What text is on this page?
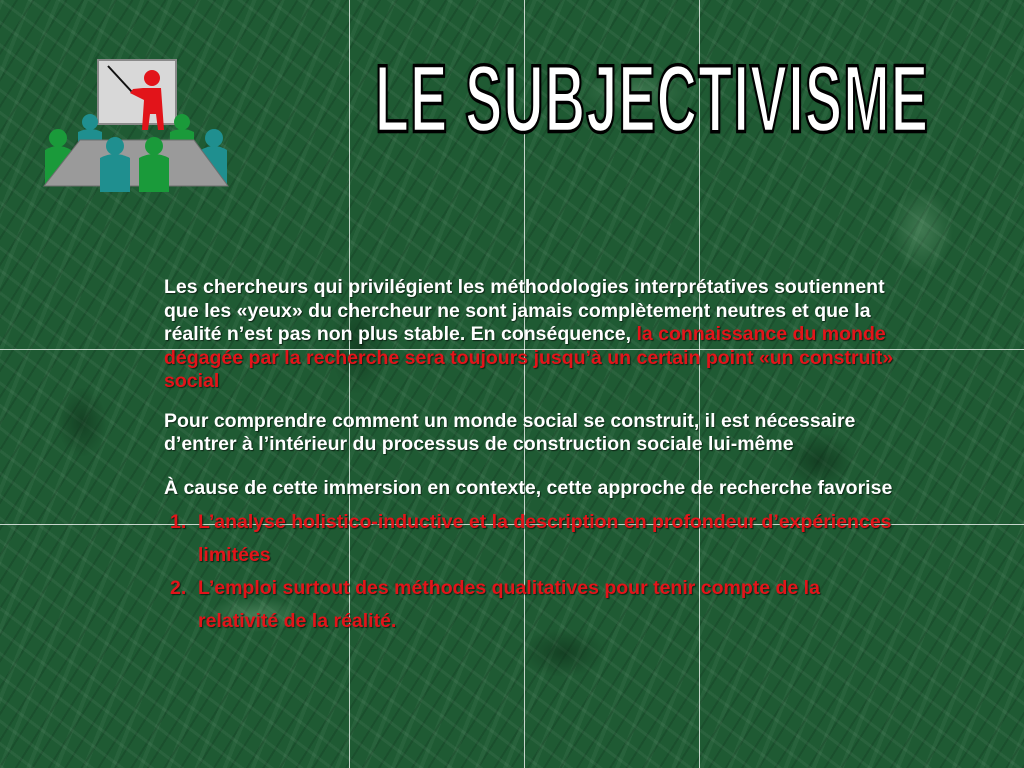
LE SUBJECTIVISME

Les chercheurs qui privilégient les méthodologies interprétatives soutiennent que les «yeux» du chercheur ne sont jamais complètement neutres et que la réalité n’est pas non plus stable. En conséquence, la connaissance du monde dégagée par la recherche sera toujours jusqu’à un certain point «un construit» social

Pour comprendre comment un monde social se construit, il est nécessaire d’entrer à l’intérieur du processus de construction sociale lui-même

À cause de cette immersion en contexte, cette approche de recherche favorise

1. L’analyse holistico-inductive et la description en profondeur d’expériences limitées
2. L’emploi surtout des méthodes qualitatives pour tenir compte de la relativité de la réalité.
